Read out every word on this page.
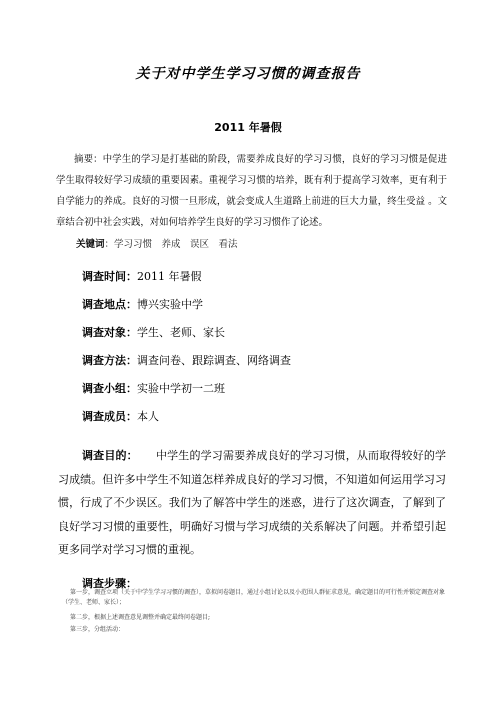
关于对中学生学习习惯的调查报告
2011 年暑假
摘要：中学生的学习是打基础的阶段，需要养成良好的学习习惯，良好的学习习惯是促进学生取得较好学习成绩的重要因素。重视学习习惯的培养，既有利于提高学习效率，更有利于自学能力的养成。良好的习惯一旦形成，就会变成人生道路上前进的巨大力量，终生受益 。文章结合初中社会实践，对如何培养学生良好的学习习惯作了论述。
关键词：学习习惯　养成　误区　看法
调查时间：2011 年暑假
调查地点：博兴实验中学
调查对象：学生、老师、家长
调查方法：调查问卷、跟踪调查、网络调查
调查小组：实验中学初一二班
调查成员：本人
调查目的： 中学生的学习需要养成良好的学习习惯，从而取得较好的学习成绩。但许多中学生不知道怎样养成良好的学习习惯，不知道如何运用学习习惯，行成了不少误区。我们为了解答中学生的迷惑，进行了这次调查，了解到了良好学习习惯的重要性，明确好习惯与学习成绩的关系解决了问题。并希望引起更多同学对学习习惯的重视。
调查步骤：
第一步，调查立项（关于中学生学习习惯的调查），草拟问卷题目，通过小组讨论以及小范围人群征求意见，确定题目的可行性并锁定调查对象（学生、老师、家长）；
第二步，根据上述调查意见调整并确定最终问卷题目;
第三步，分组活动：
